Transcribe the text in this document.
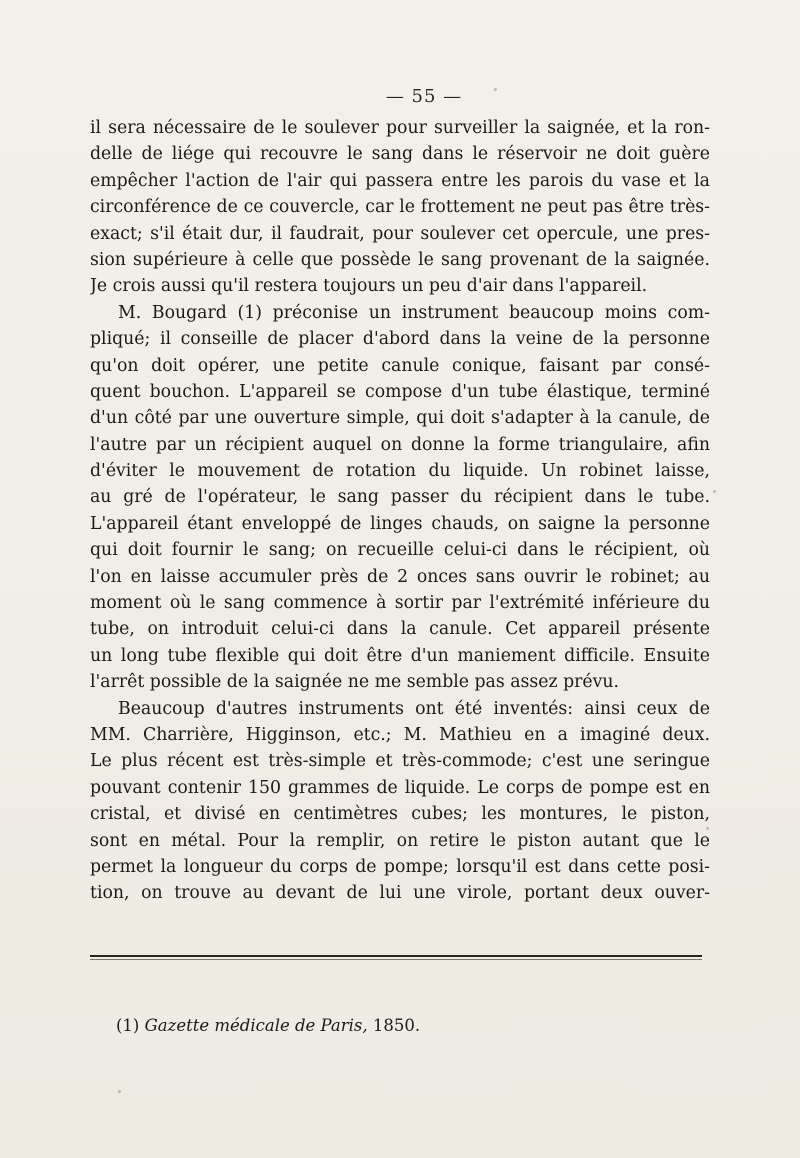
— 55 —
il sera nécessaire de le soulever pour surveiller la saignée, et la ron-
delle de liége qui recouvre le sang dans le réservoir ne doit guère
empêcher l'action de l'air qui passera entre les parois du vase et la
circonférence de ce couvercle, car le frottement ne peut pas être très-
exact; s'il était dur, il faudrait, pour soulever cet opercule, une pres-
sion supérieure à celle que possède le sang provenant de la saignée.
Je crois aussi qu'il restera toujours un peu d'air dans l'appareil.
M. Bougard (1) préconise un instrument beaucoup moins com-
pliqué; il conseille de placer d'abord dans la veine de la personne
qu'on doit opérer, une petite canule conique, faisant par consé-
quent bouchon. L'appareil se compose d'un tube élastique, terminé
d'un côté par une ouverture simple, qui doit s'adapter à la canule, de
l'autre par un récipient auquel on donne la forme triangulaire, afin
d'éviter le mouvement de rotation du liquide. Un robinet laisse,
au gré de l'opérateur, le sang passer du récipient dans le tube.
L'appareil étant enveloppé de linges chauds, on saigne la personne
qui doit fournir le sang; on recueille celui-ci dans le récipient, où
l'on en laisse accumuler près de 2 onces sans ouvrir le robinet; au
moment où le sang commence à sortir par l'extrémité inférieure du
tube, on introduit celui-ci dans la canule. Cet appareil présente
un long tube flexible qui doit être d'un maniement difficile. Ensuite
l'arrêt possible de la saignée ne me semble pas assez prévu.
Beaucoup d'autres instruments ont été inventés: ainsi ceux de
MM. Charrière, Higginson, etc.; M. Mathieu en a imaginé deux.
Le plus récent est très-simple et très-commode; c'est une seringue
pouvant contenir 150 grammes de liquide. Le corps de pompe est en
cristal, et divisé en centimètres cubes; les montures, le piston,
sont en métal. Pour la remplir, on retire le piston autant que le
permet la longueur du corps de pompe; lorsqu'il est dans cette posi-
tion, on trouve au devant de lui une virole, portant deux ouver-
(1) Gazette médicale de Paris, 1850.
